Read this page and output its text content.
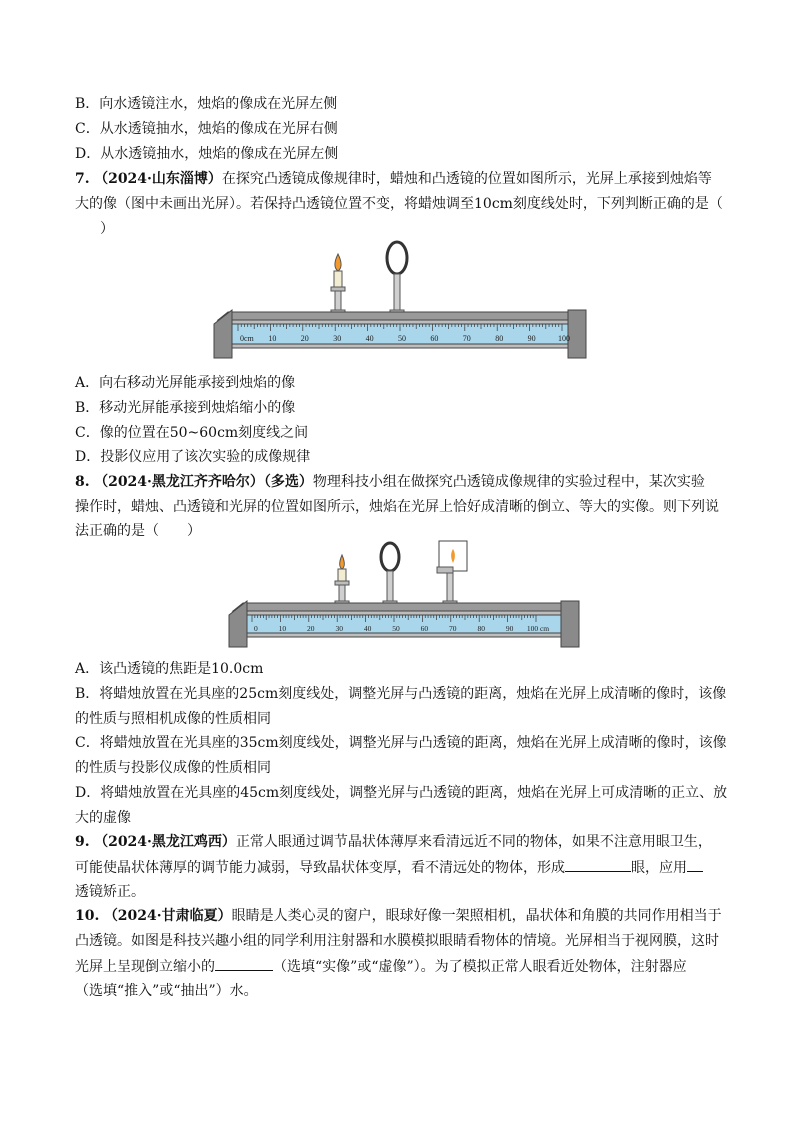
B．向水透镜注水，烛焰的像成在光屏左侧
C．从水透镜抽水，烛焰的像成在光屏右侧
D．从水透镜抽水，烛焰的像成在光屏左侧
7. （2024·山东淄博）在探究凸透镜成像规律时，蜡烛和凸透镜的位置如图所示，光屏上承接到烛焰等
大的像（图中未画出光屏）。若保持凸透镜位置不变，将蜡烛调至10cm刻度线处时，下列判断正确的是（
）
0cm 10	20	30	40	50	60	70	80	90	100
A．向右移动光屏能承接到烛焰的像
B．移动光屏能承接到烛焰缩小的像
C．像的位置在50~60cm刻度线之间
D．投影仪应用了该次实验的成像规律
8. （2024·黑龙江齐齐哈尔）（多选）物理科技小组在做探究凸透镜成像规律的实验过程中，某次实验
操作时，蜡烛、凸透镜和光屏的位置如图所示，烛焰在光屏上恰好成清晰的倒立、等大的实像。则下列说
法正确的是（　　）
0	10	20	30	40	50	60	70	80	90 100 cm
A．该凸透镜的焦距是10.0cm
B．将蜡烛放置在光具座的25cm刻度线处，调整光屏与凸透镜的距离，烛焰在光屏上成清晰的像时，该像
的性质与照相机成像的性质相同
C．将蜡烛放置在光具座的35cm刻度线处，调整光屏与凸透镜的距离，烛焰在光屏上成清晰的像时，该像
的性质与投影仪成像的性质相同
D．将蜡烛放置在光具座的45cm刻度线处，调整光屏与凸透镜的距离，烛焰在光屏上可成清晰的正立、放
大的虚像
9. （2024·黑龙江鸡西）正常人眼通过调节晶状体薄厚来看清远近不同的物体，如果不注意用眼卫生，
可能使晶状体薄厚的调节能力减弱，导致晶状体变厚，看不清远处的物体，形成	眼，应用
透镜矫正。
10. （2024·甘肃临夏）眼睛是人类心灵的窗户，眼球好像一架照相机，晶状体和角膜的共同作用相当于
凸透镜。如图是科技兴趣小组的同学利用注射器和水膜模拟眼睛看物体的情境。光屏相当于视网膜，这时
光屏上呈现倒立缩小的	（选填“实像”或“虚像”）。为了模拟正常人眼看近处物体，注射器应
（选填“推入”或“抽出”）水。
